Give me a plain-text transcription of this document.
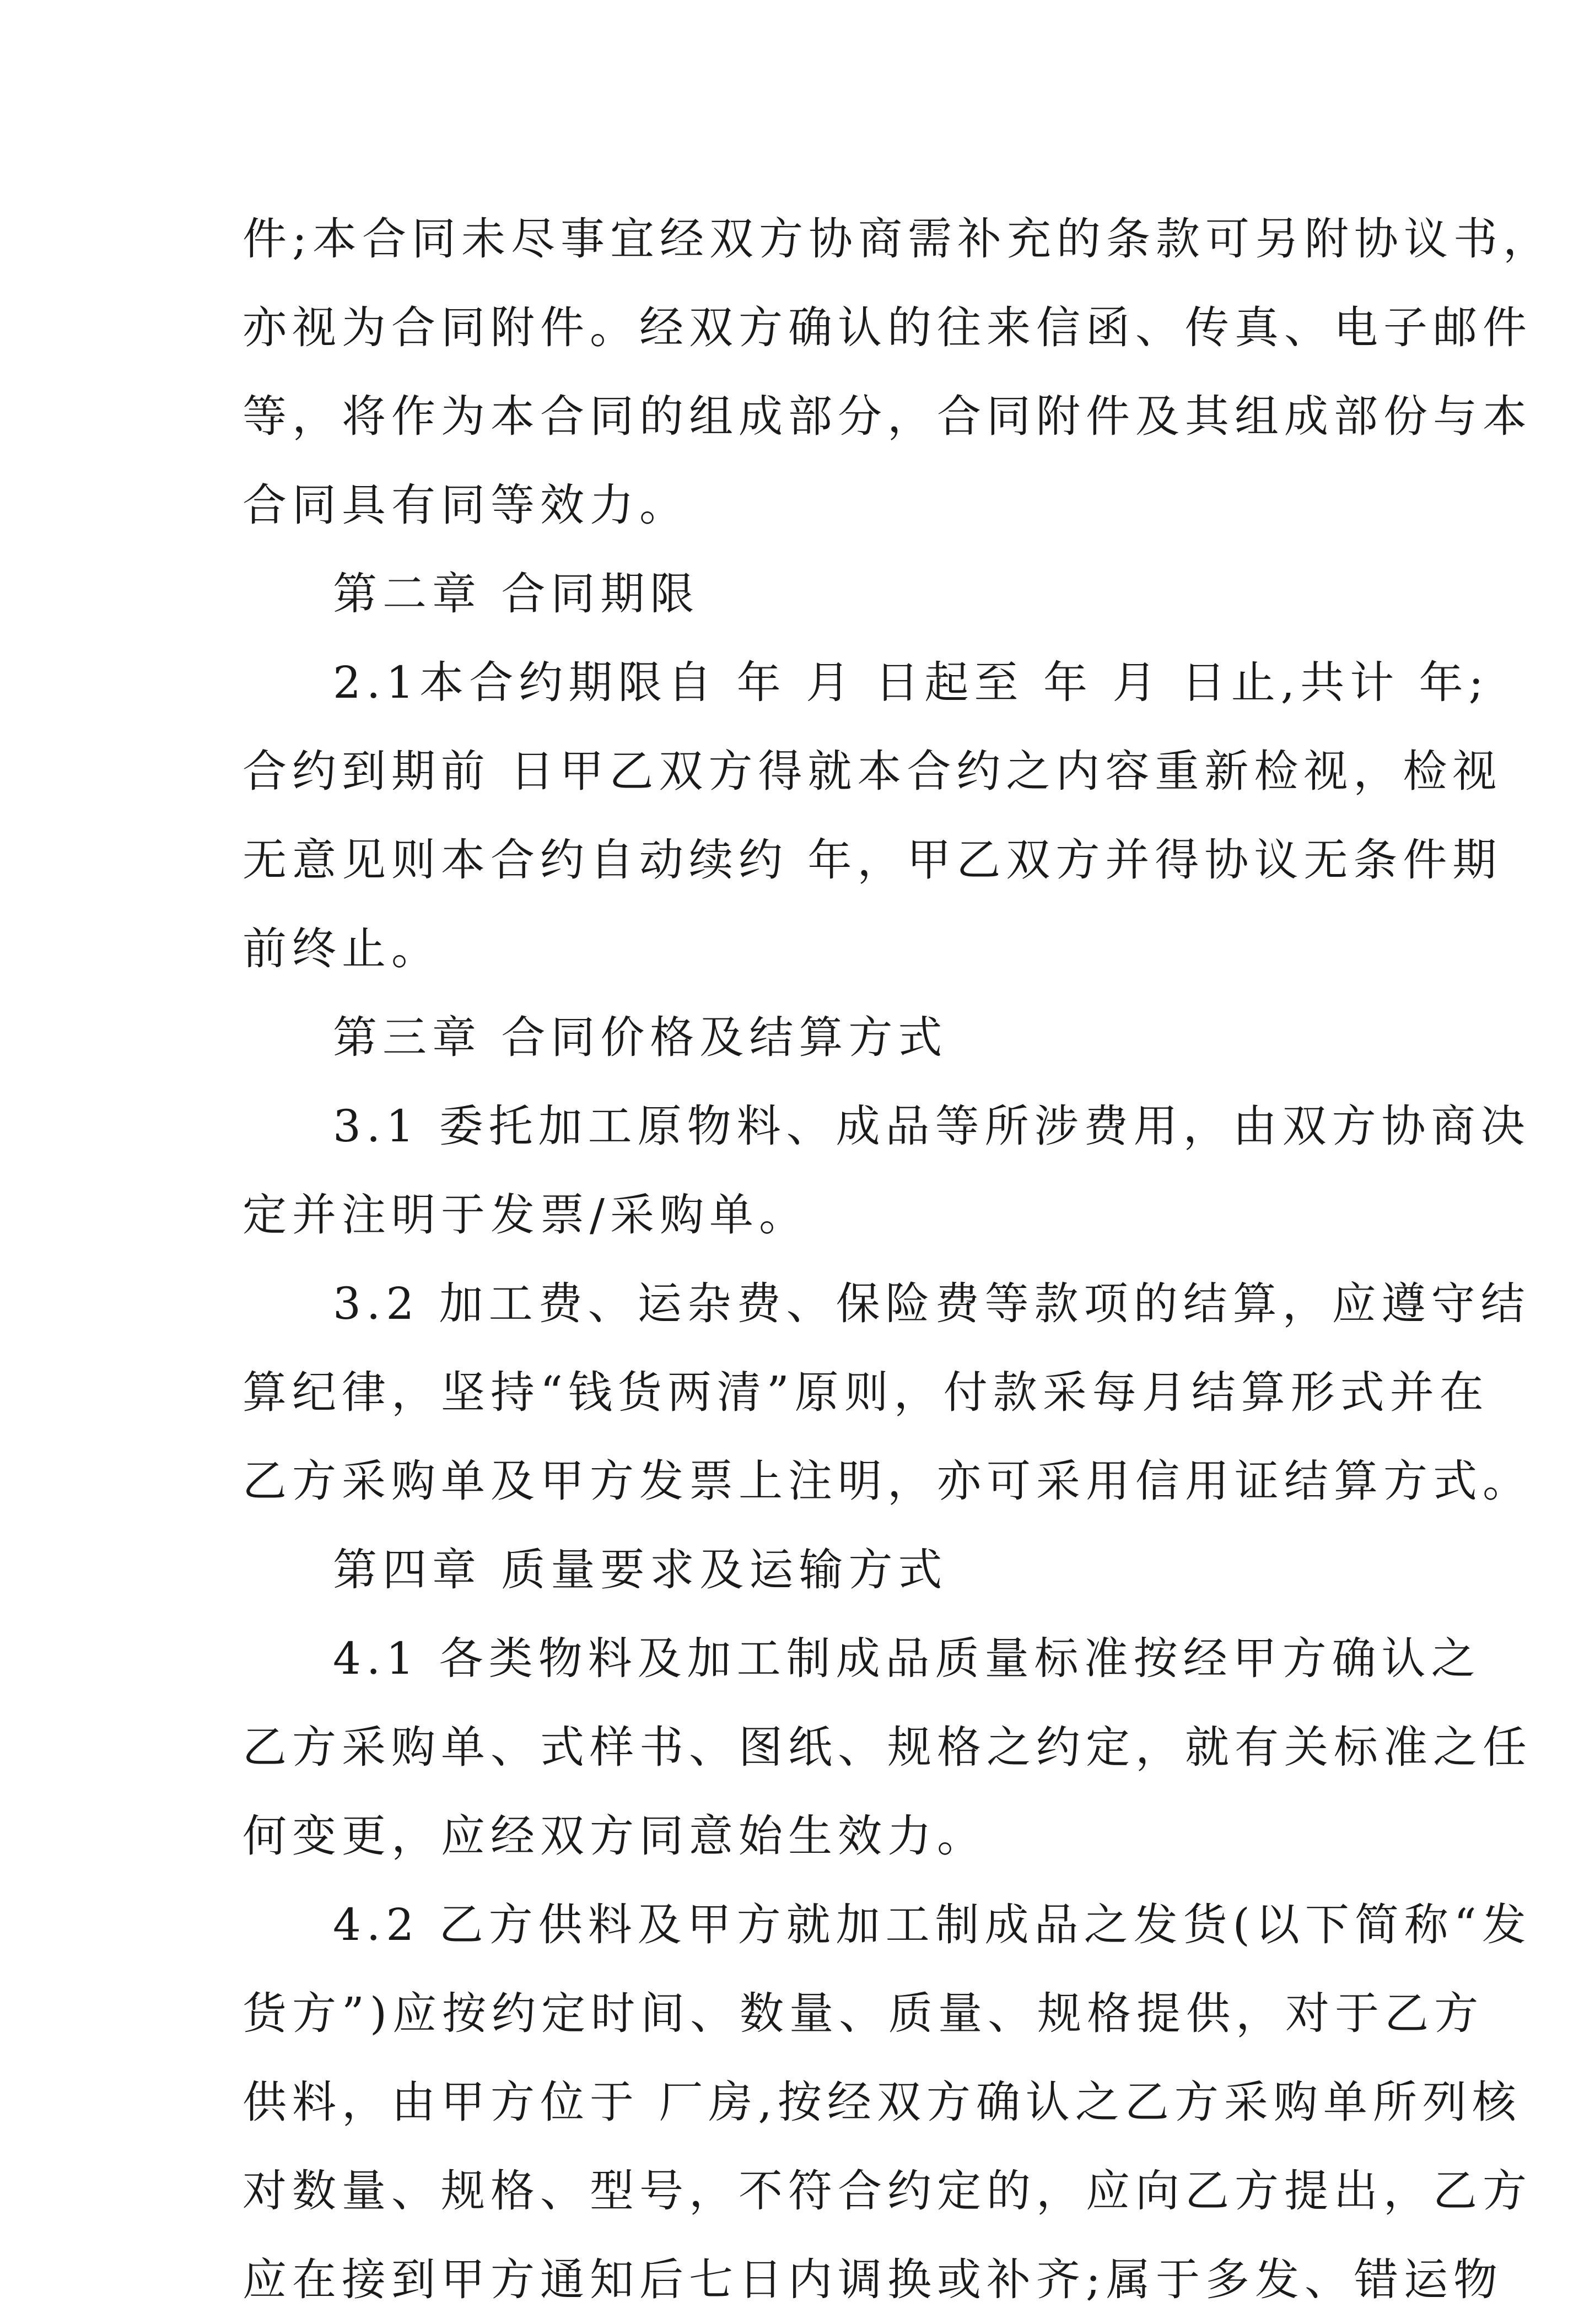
件;本合同未尽事宜经双方协商需补充的条款可另附协议书，
亦视为合同附件。经双方确认的往来信函、传真、电子邮件
等，将作为本合同的组成部分，合同附件及其组成部份与本
合同具有同等效力。
第二章 合同期限
2.1本合约期限自 年 月 日起至 年 月 日止,共计 年;
合约到期前 日甲乙双方得就本合约之内容重新检视，检视
无意见则本合约自动续约 年，甲乙双方并得协议无条件期
前终止。
第三章 合同价格及结算方式
3.1 委托加工原物料、成品等所涉费用，由双方协商决
定并注明于发票/采购单。
3.2 加工费、运杂费、保险费等款项的结算，应遵守结
算纪律，坚持“钱货两清”原则，付款采每月结算形式并在
乙方采购单及甲方发票上注明，亦可采用信用证结算方式。
第四章 质量要求及运输方式
4.1 各类物料及加工制成品质量标准按经甲方确认之
乙方采购单、式样书、图纸、规格之约定，就有关标准之任
何变更，应经双方同意始生效力。
4.2 乙方供料及甲方就加工制成品之发货(以下简称“发
货方”)应按约定时间、数量、质量、规格提供，对于乙方
供料，由甲方位于 厂房,按经双方确认之乙方采购单所列核
对数量、规格、型号，不符合约定的，应向乙方提出，乙方
应在接到甲方通知后七日内调换或补齐;属于多发、错运物
